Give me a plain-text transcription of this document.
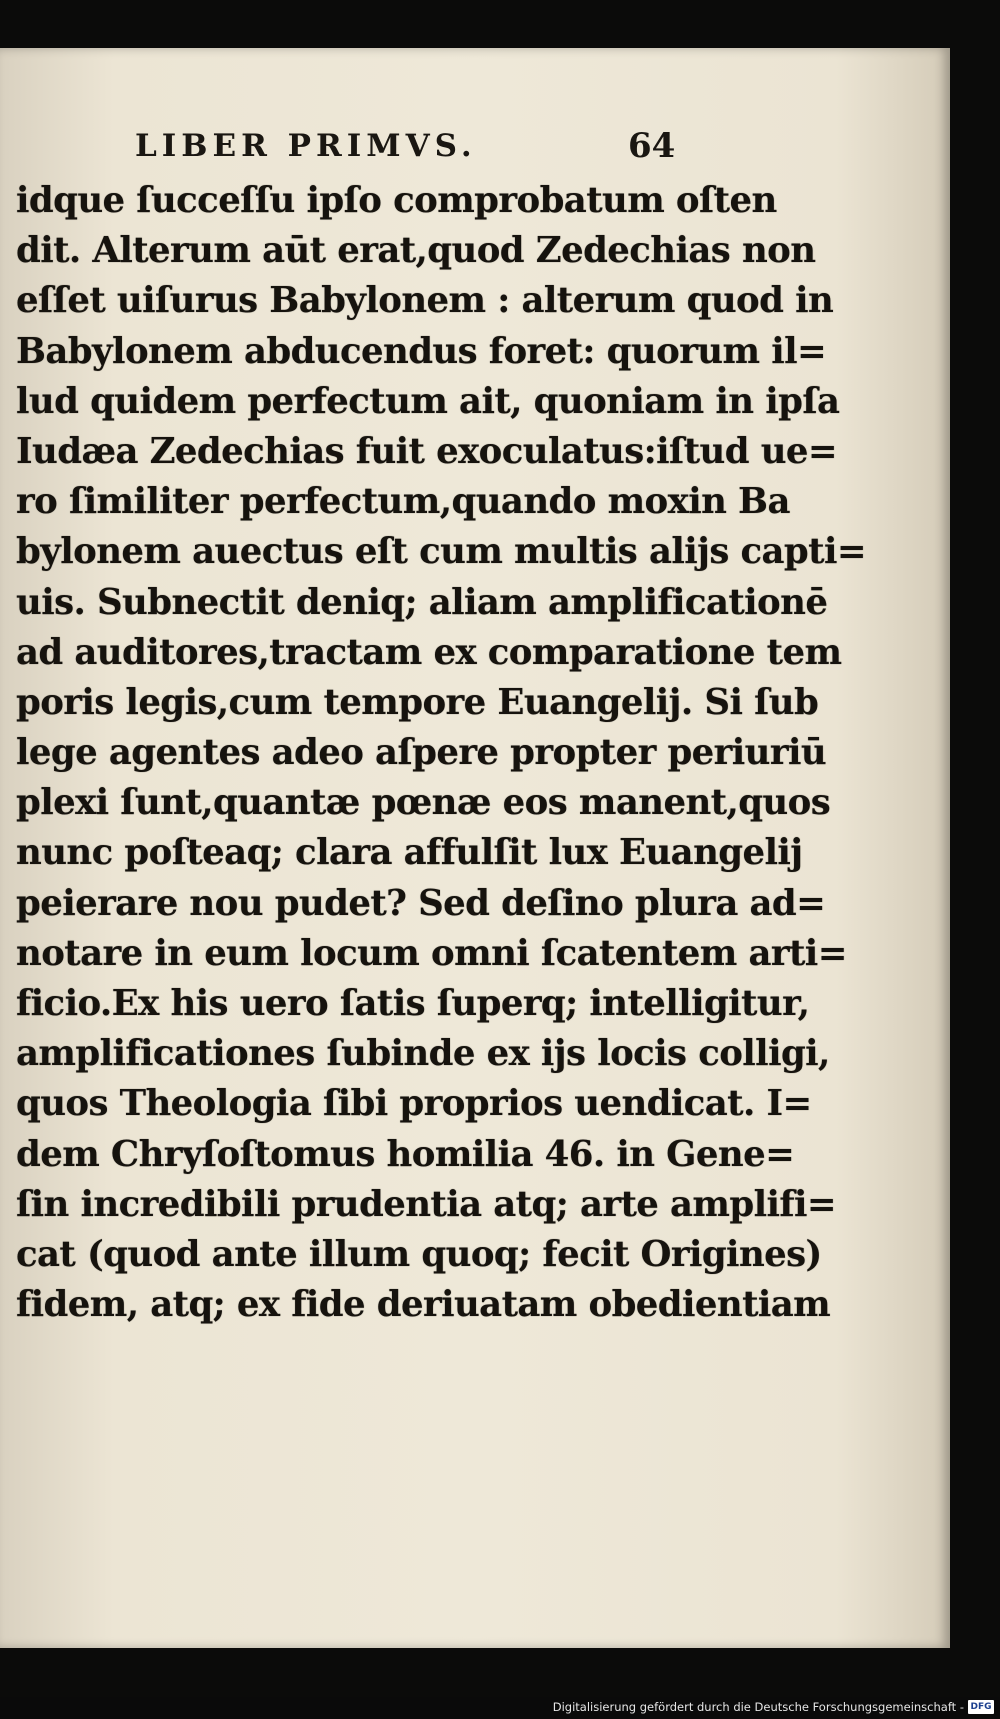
LIBER PRIMVS.	64
idque ſucceſſu ipſo comprobatum oſten
dit. Alterum aūt erat,quod Zedechias non
eſſet uiſurus Babylonem : alterum quod in
Babylonem abducendus foret: quorum il=
lud quidem perfectum ait, quoniam in ipſa
Iudæa Zedechias fuit exoculatus:iſtud ue=
ro ſimiliter perfectum,quando moxin Ba
bylonem auectus eſt cum multis alijs capti=
uis. Subnectit deniq; aliam amplificationē
ad auditores,tractam ex comparatione tem
poris legis,cum tempore Euangelij. Si ſub
lege agentes adeo aſpere propter periuriū
plexi ſunt,quantæ pœnæ eos manent,quos
nunc poſteaq; clara affulſit lux Euangelij
peierare nou pudet? Sed deſino plura ad=
notare in eum locum omni ſcatentem arti=
ficio.Ex his uero ſatis ſuperq; intelligitur,
amplificationes ſubinde ex ijs locis colligi,
quos Theologia ſibi proprios uendicat. I=
dem Chryſoſtomus homilia 46. in Gene=
ſin incredibili prudentia atq; arte amplifi=
cat (quod ante illum quoq; fecit Origines)
fidem, atq; ex fide deriuatam obedientiam
Digitalisierung gefördert durch die Deutsche Forschungsgemeinschaft - DFG
